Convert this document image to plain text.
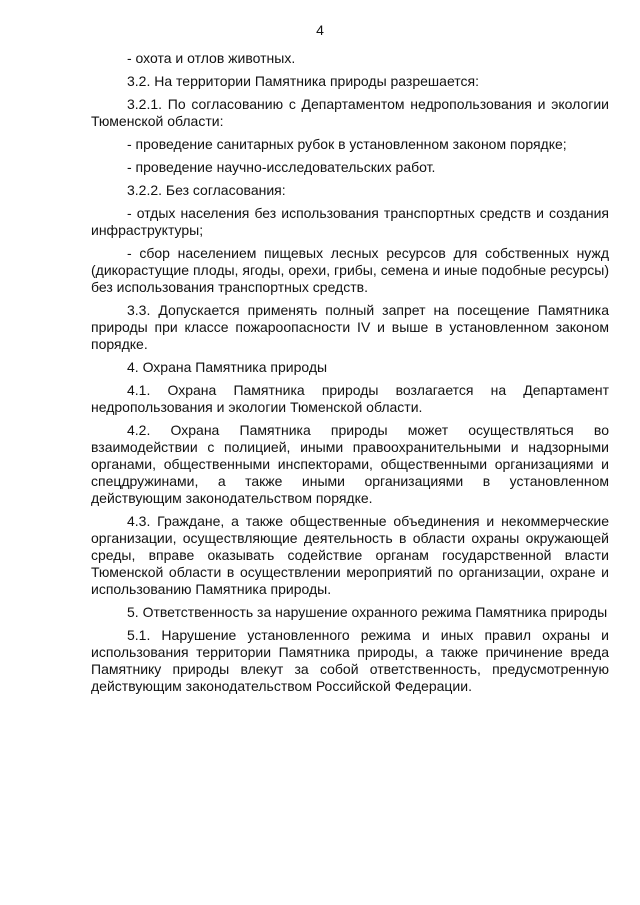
4

- охота и отлов животных.

3.2. На территории Памятника природы разрешается:

3.2.1. По согласованию с Департаментом недропользования и экологии Тюменской области:

- проведение санитарных рубок в установленном законом порядке;

- проведение научно-исследовательских работ.

3.2.2. Без согласования:

- отдых населения без использования транспортных средств и создания инфраструктуры;

- сбор населением пищевых лесных ресурсов для собственных нужд (дикорастущие плоды, ягоды, орехи, грибы, семена и иные подобные ресурсы) без использования транспортных средств.

3.3. Допускается применять полный запрет на посещение Памятника природы при классе пожароопасности IV и выше в установленном законом порядке.

4. Охрана Памятника природы

4.1. Охрана Памятника природы возлагается на Департамент недропользования и экологии Тюменской области.

4.2. Охрана Памятника природы может осуществляться во взаимодействии с полицией, иными правоохранительными и надзорными органами, общественными инспекторами, общественными организациями и спецдружинами, а также иными организациями в установленном действующим законодательством порядке.

4.3. Граждане, а также общественные объединения и некоммерческие организации, осуществляющие деятельность в области охраны окружающей среды, вправе оказывать содействие органам государственной власти Тюменской области в осуществлении мероприятий по организации, охране и использованию Памятника природы.

5. Ответственность за нарушение охранного режима Памятника природы

5.1. Нарушение установленного режима и иных правил охраны и использования территории Памятника природы, а также причинение вреда Памятнику природы влекут за собой ответственность, предусмотренную действующим законодательством Российской Федерации.
